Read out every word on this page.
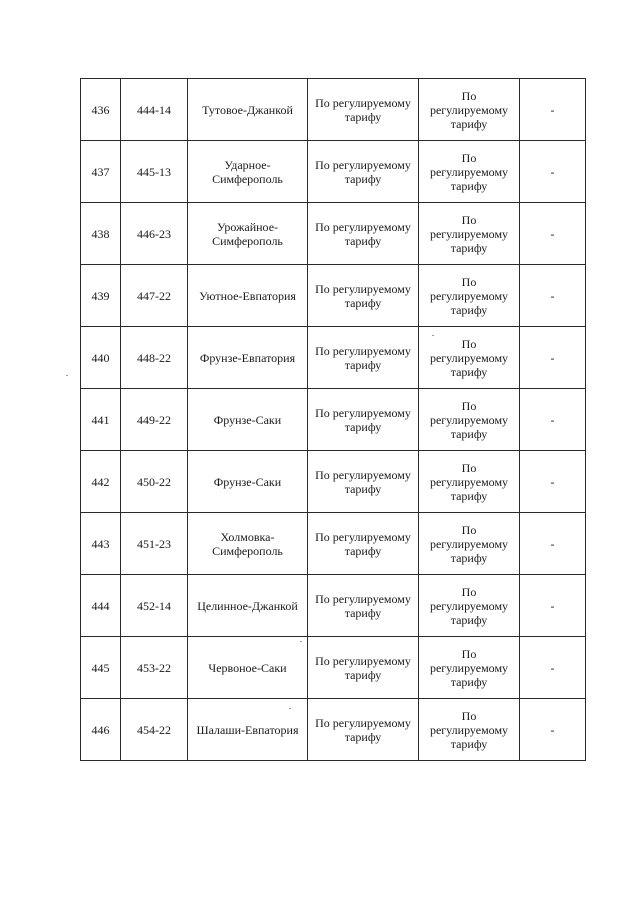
436	444-14	Тутовое-Джанкой	По регулируемому тарифу	По регулируемому тарифу	-
437	445-13	Ударное-Симферополь	По регулируемому тарифу	По регулируемому тарифу	-
438	446-23	Урожайное-Симферополь	По регулируемому тарифу	По регулируемому тарифу	-
439	447-22	Уютное-Евпатория	По регулируемому тарифу	По регулируемому тарифу	-
440	448-22	Фрунзе-Евпатория	По регулируемому тарифу	По регулируемому тарифу	-
441	449-22	Фрунзе-Саки	По регулируемому тарифу	По регулируемому тарифу	-
442	450-22	Фрунзе-Саки	По регулируемому тарифу	По регулируемому тарифу	-
443	451-23	Холмовка-Симферополь	По регулируемому тарифу	По регулируемому тарифу	-
444	452-14	Целинное-Джанкой	По регулируемому тарифу	По регулируемому тарифу	-
445	453-22	Червоное-Саки	По регулируемому тарифу	По регулируемому тарифу	-
446	454-22	Шалаши-Евпатория	По регулируемому тарифу	По регулируемому тарифу	-
